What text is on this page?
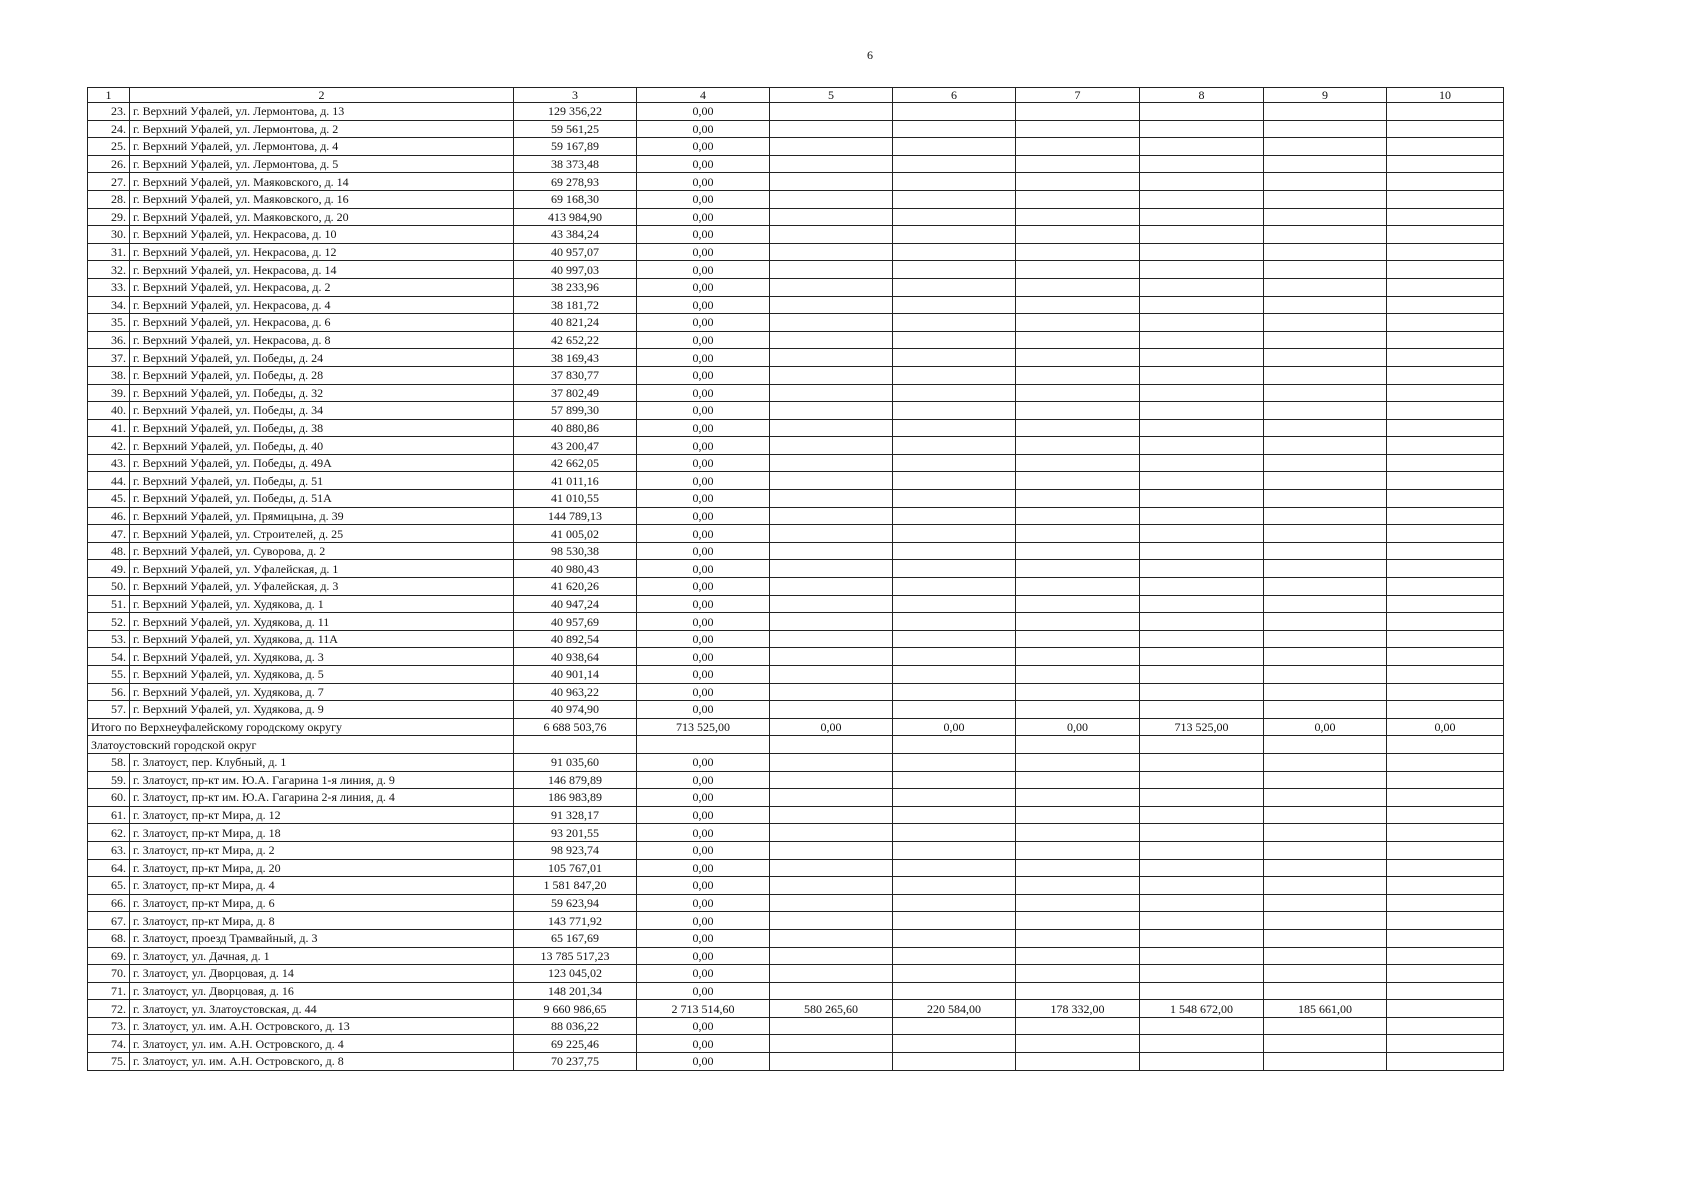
6
1	2	3	4	5	6	7	8	9	10
23.	г. Верхний Уфалей, ул. Лермонтова, д. 13	129 356,22	0,00						
24.	г. Верхний Уфалей, ул. Лермонтова, д. 2	59 561,25	0,00						
25.	г. Верхний Уфалей, ул. Лермонтова, д. 4	59 167,89	0,00						
26.	г. Верхний Уфалей, ул. Лермонтова, д. 5	38 373,48	0,00						
27.	г. Верхний Уфалей, ул. Маяковского, д. 14	69 278,93	0,00						
28.	г. Верхний Уфалей, ул. Маяковского, д. 16	69 168,30	0,00						
29.	г. Верхний Уфалей, ул. Маяковского, д. 20	413 984,90	0,00						
30.	г. Верхний Уфалей, ул. Некрасова, д. 10	43 384,24	0,00						
31.	г. Верхний Уфалей, ул. Некрасова, д. 12	40 957,07	0,00						
32.	г. Верхний Уфалей, ул. Некрасова, д. 14	40 997,03	0,00						
33.	г. Верхний Уфалей, ул. Некрасова, д. 2	38 233,96	0,00						
34.	г. Верхний Уфалей, ул. Некрасова, д. 4	38 181,72	0,00						
35.	г. Верхний Уфалей, ул. Некрасова, д. 6	40 821,24	0,00						
36.	г. Верхний Уфалей, ул. Некрасова, д. 8	42 652,22	0,00						
37.	г. Верхний Уфалей, ул. Победы, д. 24	38 169,43	0,00						
38.	г. Верхний Уфалей, ул. Победы, д. 28	37 830,77	0,00						
39.	г. Верхний Уфалей, ул. Победы, д. 32	37 802,49	0,00						
40.	г. Верхний Уфалей, ул. Победы, д. 34	57 899,30	0,00						
41.	г. Верхний Уфалей, ул. Победы, д. 38	40 880,86	0,00						
42.	г. Верхний Уфалей, ул. Победы, д. 40	43 200,47	0,00						
43.	г. Верхний Уфалей, ул. Победы, д. 49А	42 662,05	0,00						
44.	г. Верхний Уфалей, ул. Победы, д. 51	41 011,16	0,00						
45.	г. Верхний Уфалей, ул. Победы, д. 51А	41 010,55	0,00						
46.	г. Верхний Уфалей, ул. Прямицына, д. 39	144 789,13	0,00						
47.	г. Верхний Уфалей, ул. Строителей, д. 25	41 005,02	0,00						
48.	г. Верхний Уфалей, ул. Суворова, д. 2	98 530,38	0,00						
49.	г. Верхний Уфалей, ул. Уфалейская, д. 1	40 980,43	0,00						
50.	г. Верхний Уфалей, ул. Уфалейская, д. 3	41 620,26	0,00						
51.	г. Верхний Уфалей, ул. Худякова, д. 1	40 947,24	0,00						
52.	г. Верхний Уфалей, ул. Худякова, д. 11	40 957,69	0,00						
53.	г. Верхний Уфалей, ул. Худякова, д. 11А	40 892,54	0,00						
54.	г. Верхний Уфалей, ул. Худякова, д. 3	40 938,64	0,00						
55.	г. Верхний Уфалей, ул. Худякова, д. 5	40 901,14	0,00						
56.	г. Верхний Уфалей, ул. Худякова, д. 7	40 963,22	0,00						
57.	г. Верхний Уфалей, ул. Худякова, д. 9	40 974,90	0,00						
Итого по Верхнеуфалейскому городскому округу		6 688 503,76	713 525,00	0,00	0,00	0,00	713 525,00	0,00	0,00
Златоустовский городской округ									
58.	г. Златоуст, пер. Клубный, д. 1	91 035,60	0,00						
59.	г. Златоуст, пр-кт им. Ю.А. Гагарина 1-я линия, д. 9	146 879,89	0,00						
60.	г. Златоуст, пр-кт им. Ю.А. Гагарина 2-я линия, д. 4	186 983,89	0,00						
61.	г. Златоуст, пр-кт Мира, д. 12	91 328,17	0,00						
62.	г. Златоуст, пр-кт Мира, д. 18	93 201,55	0,00						
63.	г. Златоуст, пр-кт Мира, д. 2	98 923,74	0,00						
64.	г. Златоуст, пр-кт Мира, д. 20	105 767,01	0,00						
65.	г. Златоуст, пр-кт Мира, д. 4	1 581 847,20	0,00						
66.	г. Златоуст, пр-кт Мира, д. 6	59 623,94	0,00						
67.	г. Златоуст, пр-кт Мира, д. 8	143 771,92	0,00						
68.	г. Златоуст, проезд Трамвайный, д. 3	65 167,69	0,00						
69.	г. Златоуст, ул. Дачная, д. 1	13 785 517,23	0,00						
70.	г. Златоуст, ул. Дворцовая, д. 14	123 045,02	0,00						
71.	г. Златоуст, ул. Дворцовая, д. 16	148 201,34	0,00						
72.	г. Златоуст, ул. Златоустовская, д. 44	9 660 986,65	2 713 514,60	580 265,60	220 584,00	178 332,00	1 548 672,00	185 661,00	
73.	г. Златоуст, ул. им. А.Н. Островского, д. 13	88 036,22	0,00						
74.	г. Златоуст, ул. им. А.Н. Островского, д. 4	69 225,46	0,00						
75.	г. Златоуст, ул. им. А.Н. Островского, д. 8	70 237,75	0,00						
